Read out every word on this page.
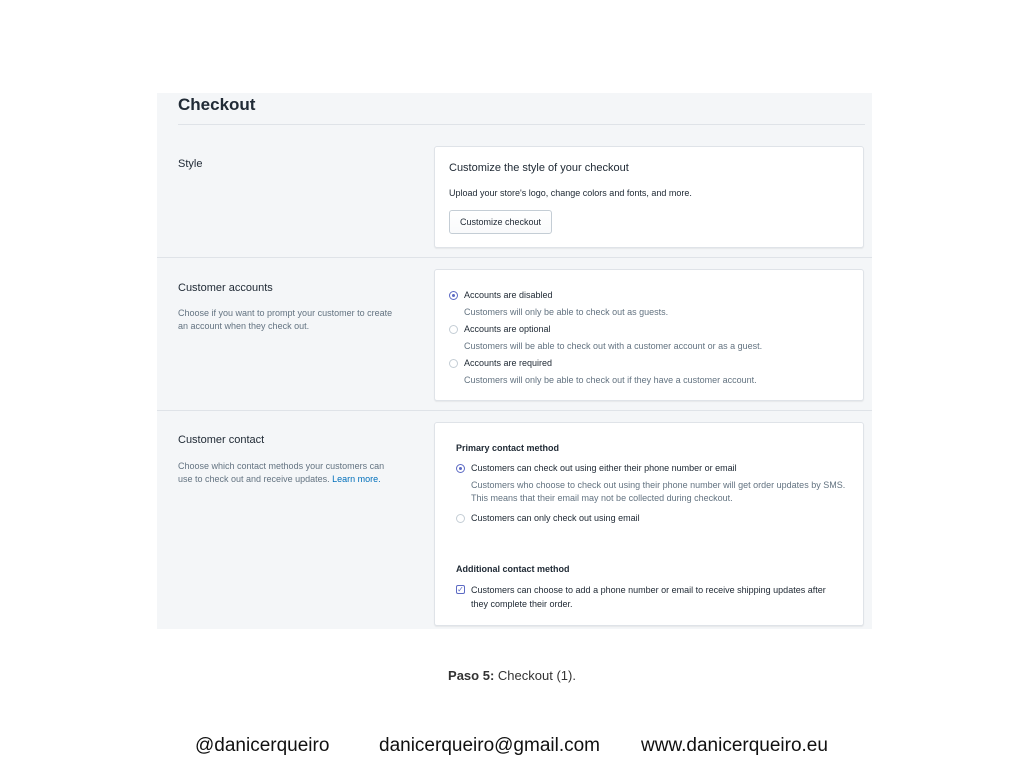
Checkout
Style	Customize the style of your checkout
Upload your store's logo, change colors and fonts, and more.
Customize checkout
Customer accounts
Choose if you want to prompt your customer to create an account when they check out.
Accounts are disabled
Customers will only be able to check out as guests.
Accounts are optional
Customers will be able to check out with a customer account or as a guest.
Accounts are required
Customers will only be able to check out if they have a customer account.
Customer contact
Choose which contact methods your customers can use to check out and receive updates. Learn more.
Primary contact method
Customers can check out using either their phone number or email
Customers who choose to check out using their phone number will get order updates by SMS. This means that their email may not be collected during checkout.
Customers can only check out using email
Additional contact method
✓ Customers can choose to add a phone number or email to receive shipping updates after they complete their order.
Paso 5: Checkout (1).
@danicerqueiro	danicerqueiro@gmail.com www.danicerqueiro.eu
